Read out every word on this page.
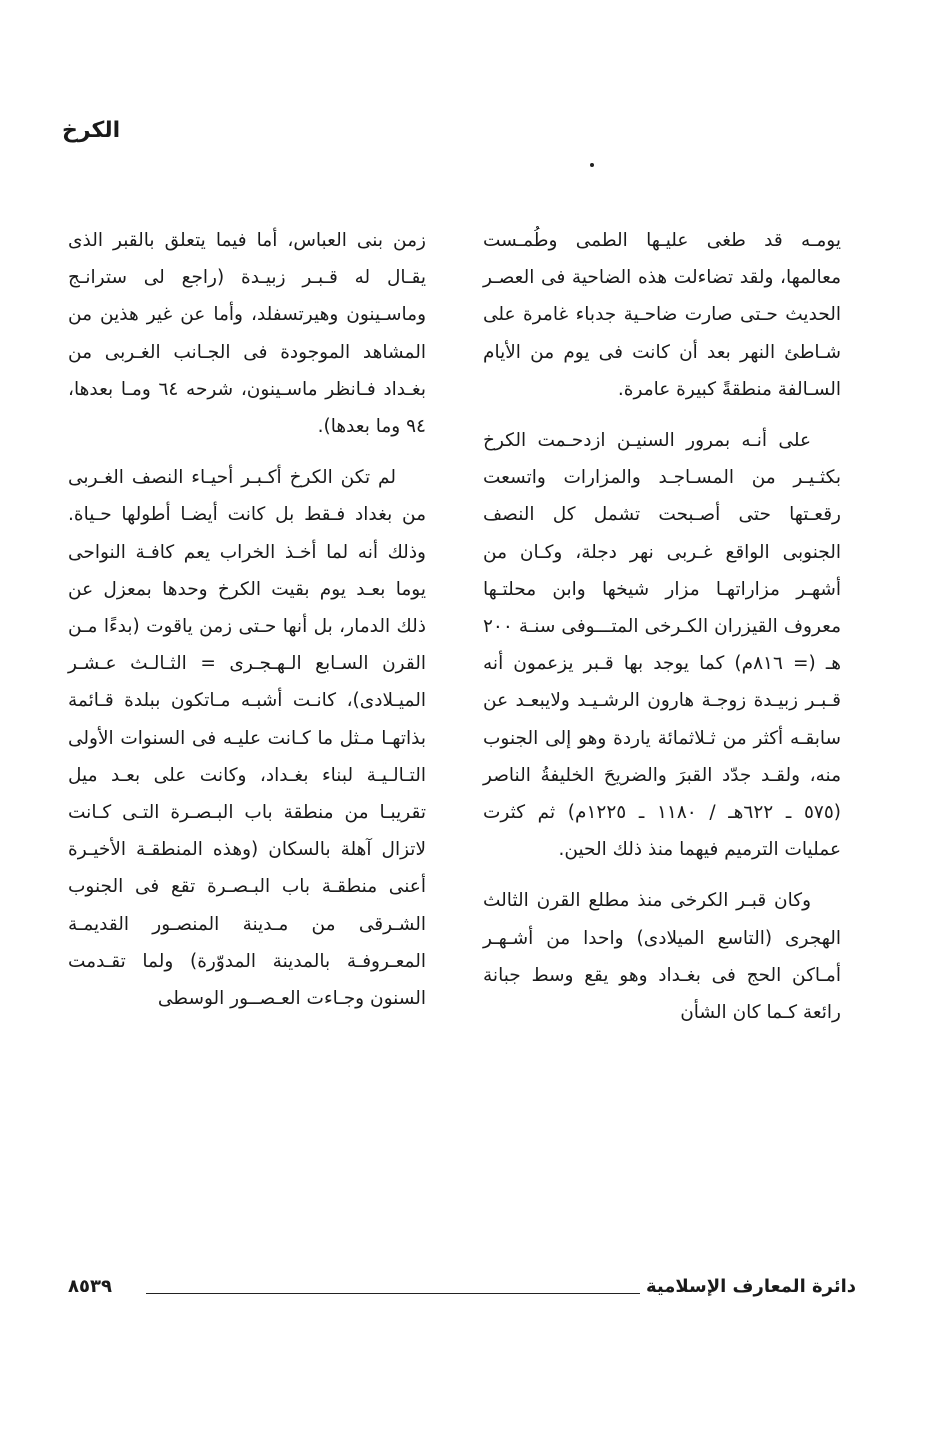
الكرخ

يومـه قد طغى عليـها الطمى وطُمـست معالمها، ولقد تضاءلت هذه الضاحية فى العصـر الحديث حـتى صارت ضاحـية جدباء غامرة على شـاطئ النهر بعد أن كانت فى يوم من الأيام السـالفة منطقةً كبيرة عامرة.

على أنـه بمرور السنيـن ازدحـمت الكرخ بكثـيـر من المسـاجـد والمزارات واتسعت رقعـتها حتى أصـبحت تشمل كل النصف الجنوبى الواقع غـربى نهر دجلة، وكـان من أشهـر مزاراتهـا مزار شيخها وابن محلتـها معروف القيزران الكـرخى المتـــوفى سنـة ٢٠٠ هـ (= ٨١٦م) كما يوجد بها قـبر يزعمون أنه قـبـر زبيـدة زوجـة هارون الرشـيـد ولايبعـد عن سابقـه أكثر من ثـلاثمائة ياردة وهو إلى الجنوب منه، ولقـد جدّد القبرَ والضريحَ الخليفةُ الناصر (٥٧٥ ـ ٦٢٢هـ / ١١٨٠ ـ ١٢٢٥م) ثم كثرت عمليات الترميم فيهما منذ ذلك الحين.

وكان قبـر الكرخى منذ مطلع القرن الثالث الهجرى (التاسع الميلادى) واحدا من أشـهـر أمـاكن الحج فى بغـداد وهو يقع وسط جبانة رائعة كـما كان الشأن

زمن بنى العباس، أما فيما يتعلق بالقبر الذى يقـال له قـبـر زبيـدة (راجع لى سترانـج وماسـينون وهيرتسفلد، وأما عن غير هذين من المشاهد الموجودة فى الجـانب الغـربى من بغـداد فـانظر ماسـينون، شرحه ٦٤ ومـا بعدها، ٩٤ وما بعدها).

لم تكن الكرخ أكـبـر أحيـاء النصف الغـربى من بغداد فـقط بل كانت أيضـا أطولها حـياة. وذلك أنه لما أخـذ الخراب يعم كافـة النواحى يوما بعـد يوم بقيت الكرخ وحدها بمعزل عن ذلك الدمار، بل أنها حـتى زمن ياقوت (بدءًا مـن القرن السـابع الـهـجـرى = الثـالـث عـشـر الميـلادى)، كانـت أشبـه مـاتكون ببلدة قـائمة بذاتهـا مـثل ما كـانت عليـه فى السنوات الأولى التـالـيـة لبناء بغـداد، وكانت على بعـد ميل تقريبـا من منطقة باب البـصـرة التـى كـانت لاتزال آهلة بالسكان (وهذه المنطقـة الأخيـرة أعنى منطقـة باب البـصـرة تقع فى الجنوب الشـرقى من مـدينة المنصـور القديمـة المعـروفـة بالمدينة المدوّرة) ولما تقـدمت السنون وجـاءت العـصــور الوسطى

دائرة المعارف الإسلامية
٨٥٣٩
